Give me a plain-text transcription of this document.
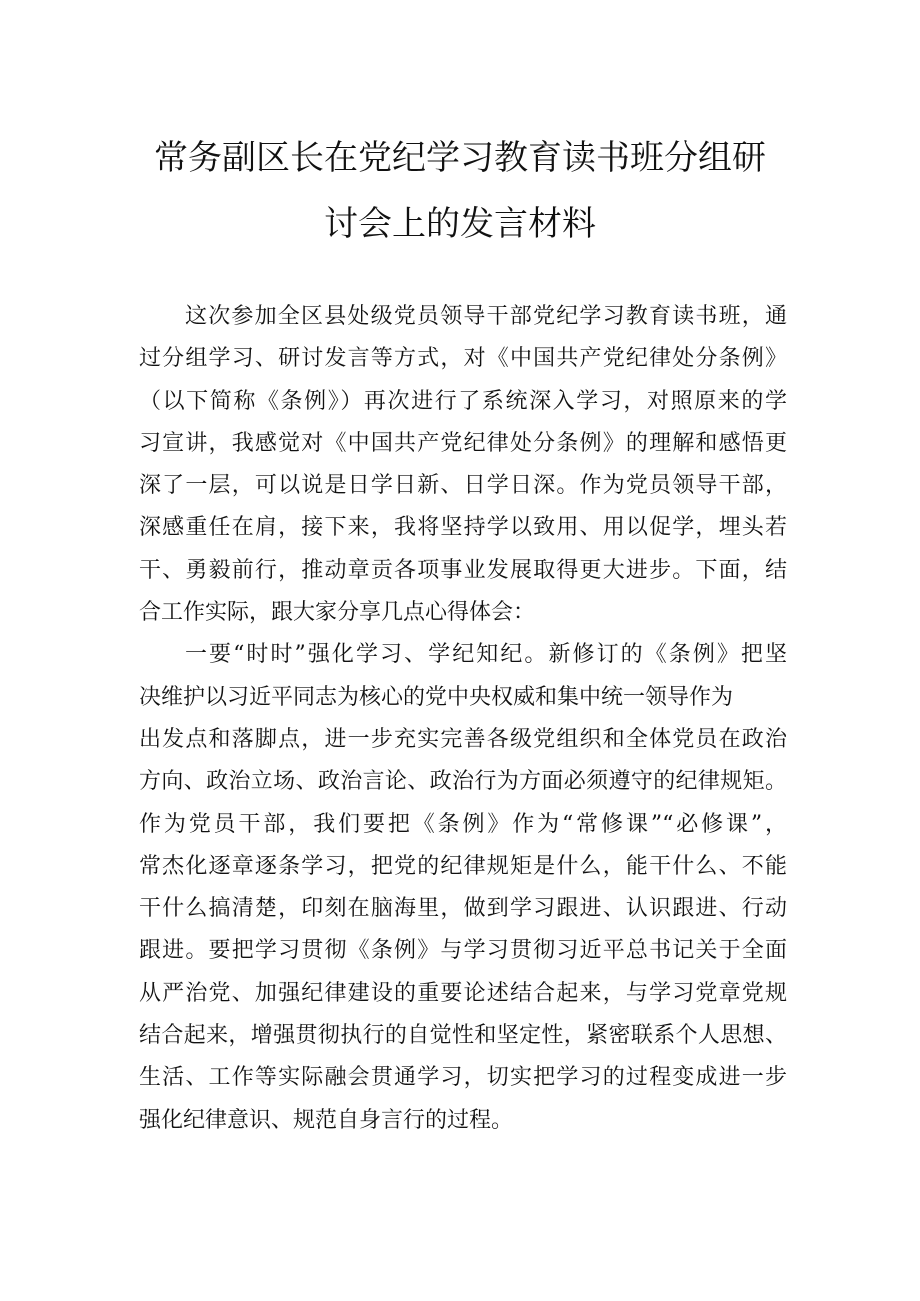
常务副区长在党纪学习教育读书班分组研
讨会上的发言材料
这次参加全区县处级党员领导干部党纪学习教育读书班，通
过分组学习、研讨发言等方式，对《中国共产党纪律处分条例》
（以下简称《条例》）再次进行了系统深入学习，对照原来的学
习宣讲，我感觉对《中国共产党纪律处分条例》的理解和感悟更
深了一层，可以说是日学日新、日学日深。作为党员领导干部，
深感重任在肩，接下来，我将坚持学以致用、用以促学，埋头若
干、勇毅前行，推动章贡各项事业发展取得更大进步。下面，结
合工作实际，跟大家分享几点心得体会：
一要“时时”强化学习、学纪知纪。新修订的《条例》把坚
决维护以习近平同志为核心的党中央权威和集中统一领导作为
出发点和落脚点，进一步充实完善各级党组织和全体党员在政治
方向、政治立场、政治言论、政治行为方面必须遵守的纪律规矩。
作为党员干部，我们要把《条例》作为“常修课”“必修课”，
常杰化逐章逐条学习，把党的纪律规矩是什么，能干什么、不能
干什么搞清楚，印刻在脑海里，做到学习跟进、认识跟进、行动
跟进。要把学习贯彻《条例》与学习贯彻习近平总书记关于全面
从严治党、加强纪律建设的重要论述结合起来，与学习党章党规
结合起来，增强贯彻执行的自觉性和坚定性，紧密联系个人思想、
生活、工作等实际融会贯通学习，切实把学习的过程变成进一步
强化纪律意识、规范自身言行的过程。
